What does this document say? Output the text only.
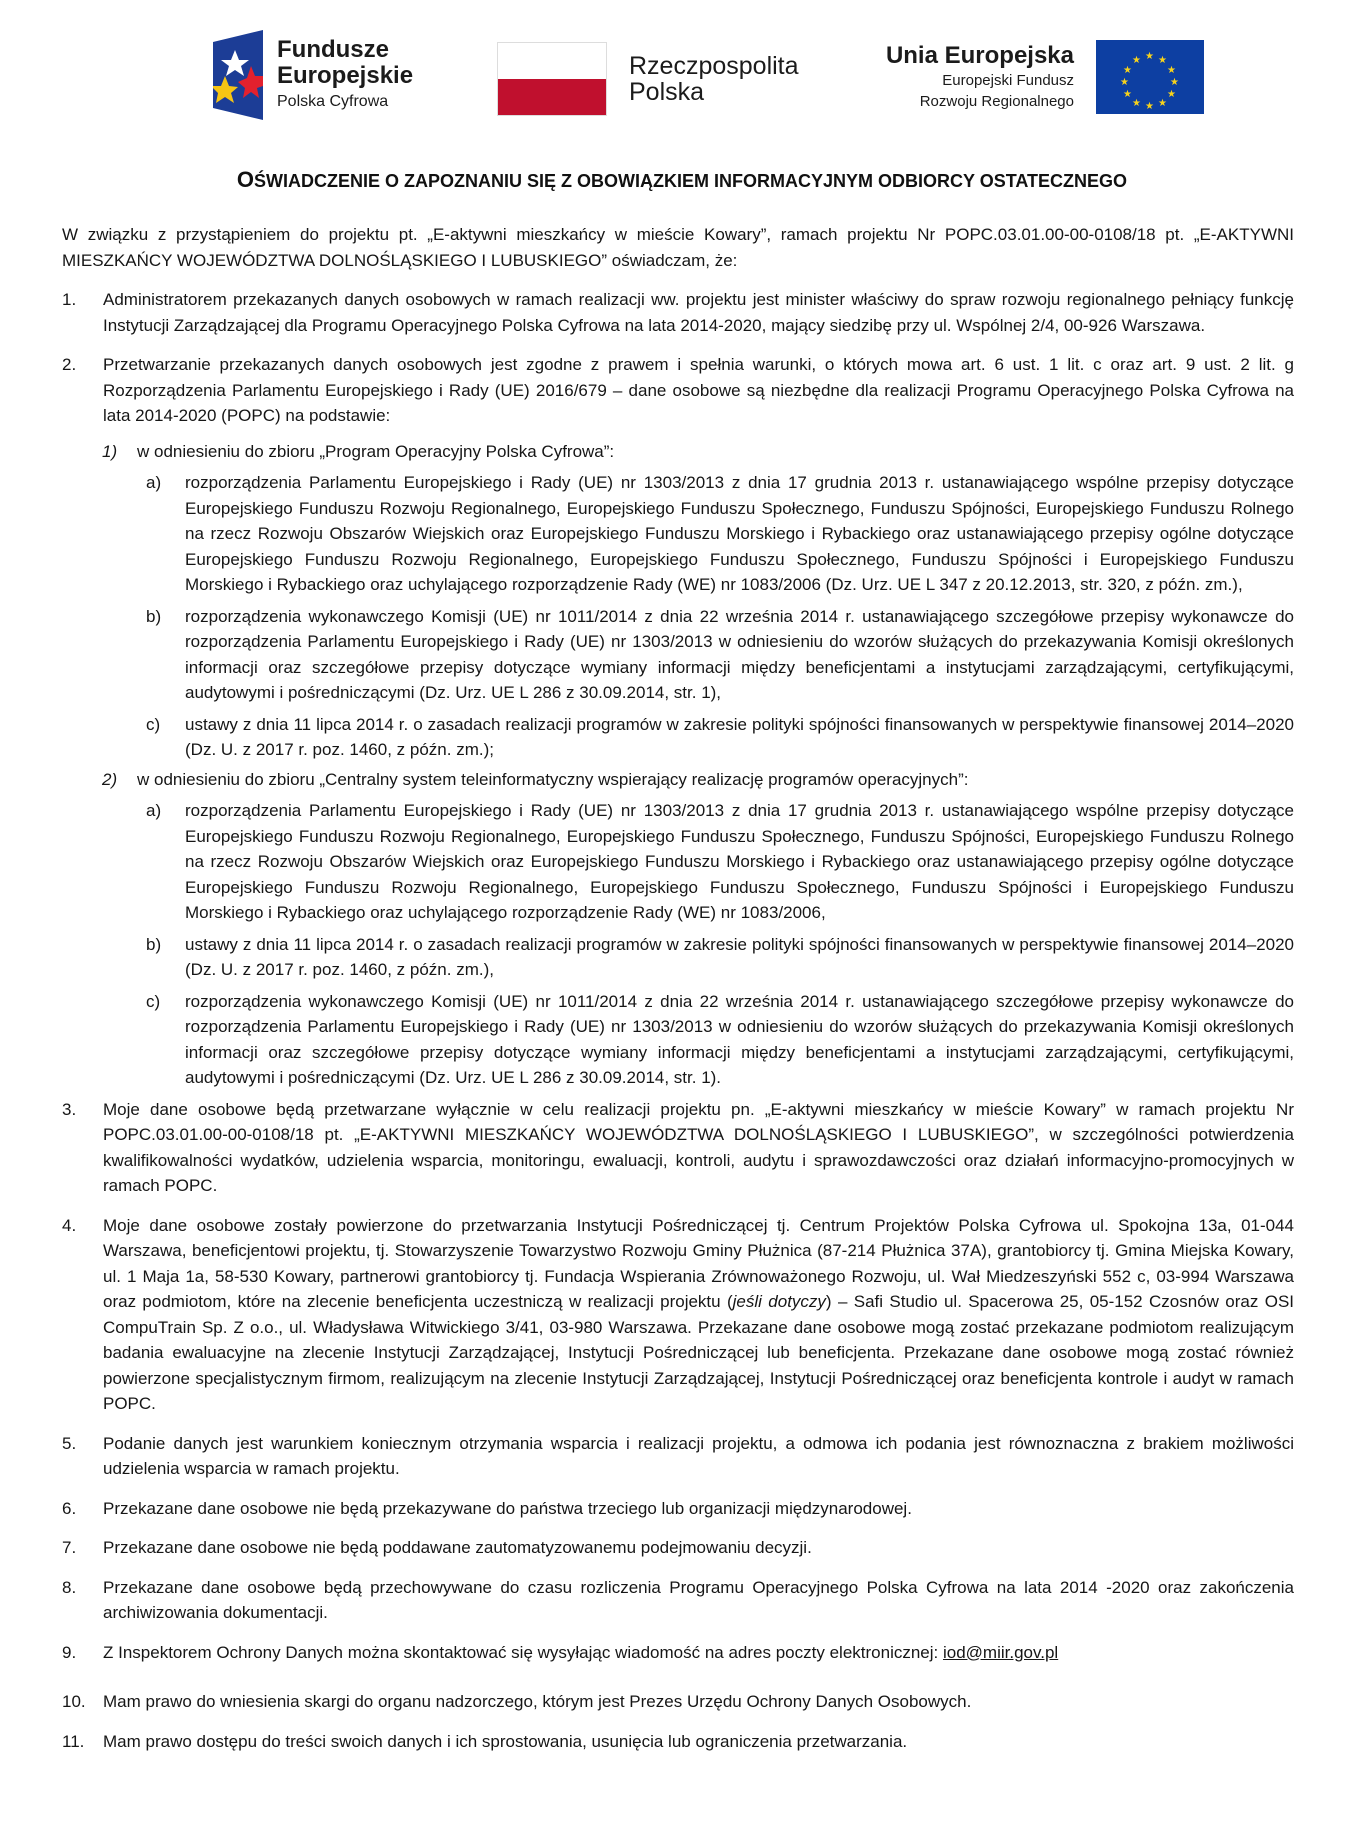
Fundusze
Europejskie
Polska Cyfrowa
Rzeczpospolita
Polska
Unia Europejska
Europejski Fundusz
Rozwoju Regionalnego
★ ★
★
★
★
★
★
★
★
★
★
★
OŚWIADCZENIE O ZAPOZNANIU SIĘ Z OBOWIĄZKIEM INFORMACYJNYM ODBIORCY OSTATECZNEGO
W związku z przystąpieniem do projektu pt. „E-aktywni mieszkańcy w mieście Kowary”, ramach projektu Nr POPC.03.01.00-00-0108/18 pt. „E-AKTYWNI MIESZKAŃCY WOJEWÓDZTWA DOLNOŚLĄSKIEGO I LUBUSKIEGO” oświadczam, że:
1.	Administratorem przekazanych danych osobowych w ramach realizacji ww. projektu jest minister właściwy do spraw rozwoju regionalnego pełniący funkcję Instytucji Zarządzającej dla Programu Operacyjnego Polska Cyfrowa na lata 2014-2020, mający siedzibę przy ul. Wspólnej 2/4, 00-926 Warszawa.
2.	Przetwarzanie przekazanych danych osobowych jest zgodne z prawem i spełnia warunki, o których mowa art. 6 ust. 1 lit. c oraz art. 9 ust. 2 lit. g Rozporządzenia Parlamentu Europejskiego i Rady (UE) 2016/679 – dane osobowe są niezbędne dla realizacji Programu Operacyjnego Polska Cyfrowa na lata 2014-2020 (POPC) na podstawie:
1) w odniesieniu do zbioru „Program Operacyjny Polska Cyfrowa”:
a) rozporządzenia Parlamentu Europejskiego i Rady (UE) nr 1303/2013 z dnia 17 grudnia 2013 r. ustanawiającego wspólne przepisy dotyczące Europejskiego Funduszu Rozwoju Regionalnego, Europejskiego Funduszu Społecznego, Funduszu Spójności, Europejskiego Funduszu Rolnego na rzecz Rozwoju Obszarów Wiejskich oraz Europejskiego Funduszu Morskiego i Rybackiego oraz ustanawiającego przepisy ogólne dotyczące Europejskiego Funduszu Rozwoju Regionalnego, Europejskiego Funduszu Społecznego, Funduszu Spójności i Europejskiego Funduszu Morskiego i Rybackiego oraz uchylającego rozporządzenie Rady (WE) nr 1083/2006 (Dz. Urz. UE L 347 z 20.12.2013, str. 320, z późn. zm.),
b) rozporządzenia wykonawczego Komisji (UE) nr 1011/2014 z dnia 22 września 2014 r. ustanawiającego szczegółowe przepisy wykonawcze do rozporządzenia Parlamentu Europejskiego i Rady (UE) nr 1303/2013 w odniesieniu do wzorów służących do przekazywania Komisji określonych informacji oraz szczegółowe przepisy dotyczące wymiany informacji między beneficjentami a instytucjami zarządzającymi, certyfikującymi, audytowymi i pośredniczącymi (Dz. Urz. UE L 286 z 30.09.2014, str. 1),
c) ustawy z dnia 11 lipca 2014 r. o zasadach realizacji programów w zakresie polityki spójności finansowanych w perspektywie finansowej 2014–2020 (Dz. U. z 2017 r. poz. 1460, z późn. zm.);
2) w odniesieniu do zbioru „Centralny system teleinformatyczny wspierający realizację programów operacyjnych”:
a) rozporządzenia Parlamentu Europejskiego i Rady (UE) nr 1303/2013 z dnia 17 grudnia 2013 r. ustanawiającego wspólne przepisy dotyczące Europejskiego Funduszu Rozwoju Regionalnego, Europejskiego Funduszu Społecznego, Funduszu Spójności, Europejskiego Funduszu Rolnego na rzecz Rozwoju Obszarów Wiejskich oraz Europejskiego Funduszu Morskiego i Rybackiego oraz ustanawiającego przepisy ogólne dotyczące Europejskiego Funduszu Rozwoju Regionalnego, Europejskiego Funduszu Społecznego, Funduszu Spójności i Europejskiego Funduszu Morskiego i Rybackiego oraz uchylającego rozporządzenie Rady (WE) nr 1083/2006,
b) ustawy z dnia 11 lipca 2014 r. o zasadach realizacji programów w zakresie polityki spójności finansowanych w perspektywie finansowej 2014–2020 (Dz. U. z 2017 r. poz. 1460, z późn. zm.),
c) rozporządzenia wykonawczego Komisji (UE) nr 1011/2014 z dnia 22 września 2014 r. ustanawiającego szczegółowe przepisy wykonawcze do rozporządzenia Parlamentu Europejskiego i Rady (UE) nr 1303/2013 w odniesieniu do wzorów służących do przekazywania Komisji określonych informacji oraz szczegółowe przepisy dotyczące wymiany informacji między beneficjentami a instytucjami zarządzającymi, certyfikującymi, audytowymi i pośredniczącymi (Dz. Urz. UE L 286 z 30.09.2014, str. 1).
3.	Moje dane osobowe będą przetwarzane wyłącznie w celu realizacji projektu pn. „E-aktywni mieszkańcy w mieście Kowary” w ramach projektu Nr POPC.03.01.00-00-0108/18 pt. „E-AKTYWNI MIESZKAŃCY WOJEWÓDZTWA DOLNOŚLĄSKIEGO I LUBUSKIEGO”, w szczególności potwierdzenia kwalifikowalności wydatków, udzielenia wsparcia, monitoringu, ewaluacji, kontroli, audytu i sprawozdawczości oraz działań informacyjno-promocyjnych w ramach POPC.
4.	Moje dane osobowe zostały powierzone do przetwarzania Instytucji Pośredniczącej tj. Centrum Projektów Polska Cyfrowa ul. Spokojna 13a, 01-044 Warszawa, beneficjentowi projektu, tj. Stowarzyszenie Towarzystwo Rozwoju Gminy Płużnica (87-214 Płużnica 37A), grantobiorcy tj. Gmina Miejska Kowary, ul. 1 Maja 1a, 58-530 Kowary, partnerowi grantobiorcy tj. Fundacja Wspierania Zrównoważonego Rozwoju, ul. Wał Miedzeszyński 552 c, 03-994 Warszawa oraz podmiotom, które na zlecenie beneficjenta uczestniczą w realizacji projektu (jeśli dotyczy) – Safi Studio ul. Spacerowa 25, 05-152 Czosnów oraz OSI CompuTrain Sp. Z o.o., ul. Władysława Witwickiego 3/41, 03-980 Warszawa. Przekazane dane osobowe mogą zostać przekazane podmiotom realizującym badania ewaluacyjne na zlecenie Instytucji Zarządzającej, Instytucji Pośredniczącej lub beneficjenta. Przekazane dane osobowe mogą zostać również powierzone specjalistycznym firmom, realizującym na zlecenie Instytucji Zarządzającej, Instytucji Pośredniczącej oraz beneficjenta kontrole i audyt w ramach POPC.
5.	Podanie danych jest warunkiem koniecznym otrzymania wsparcia i realizacji projektu, a odmowa ich podania jest równoznaczna z brakiem możliwości udzielenia wsparcia w ramach projektu.
6.	Przekazane dane osobowe nie będą przekazywane do państwa trzeciego lub organizacji międzynarodowej.
7.	Przekazane dane osobowe nie będą poddawane zautomatyzowanemu podejmowaniu decyzji.
8.	Przekazane dane osobowe będą przechowywane do czasu rozliczenia Programu Operacyjnego Polska Cyfrowa na lata 2014 -2020 oraz zakończenia archiwizowania dokumentacji.
9.	Z Inspektorem Ochrony Danych można skontaktować się wysyłając wiadomość na adres poczty elektronicznej: iod@miir.gov.pl
10.	Mam prawo do wniesienia skargi do organu nadzorczego, którym jest Prezes Urzędu Ochrony Danych Osobowych.
11.	Mam prawo dostępu do treści swoich danych i ich sprostowania, usunięcia lub ograniczenia przetwarzania.
